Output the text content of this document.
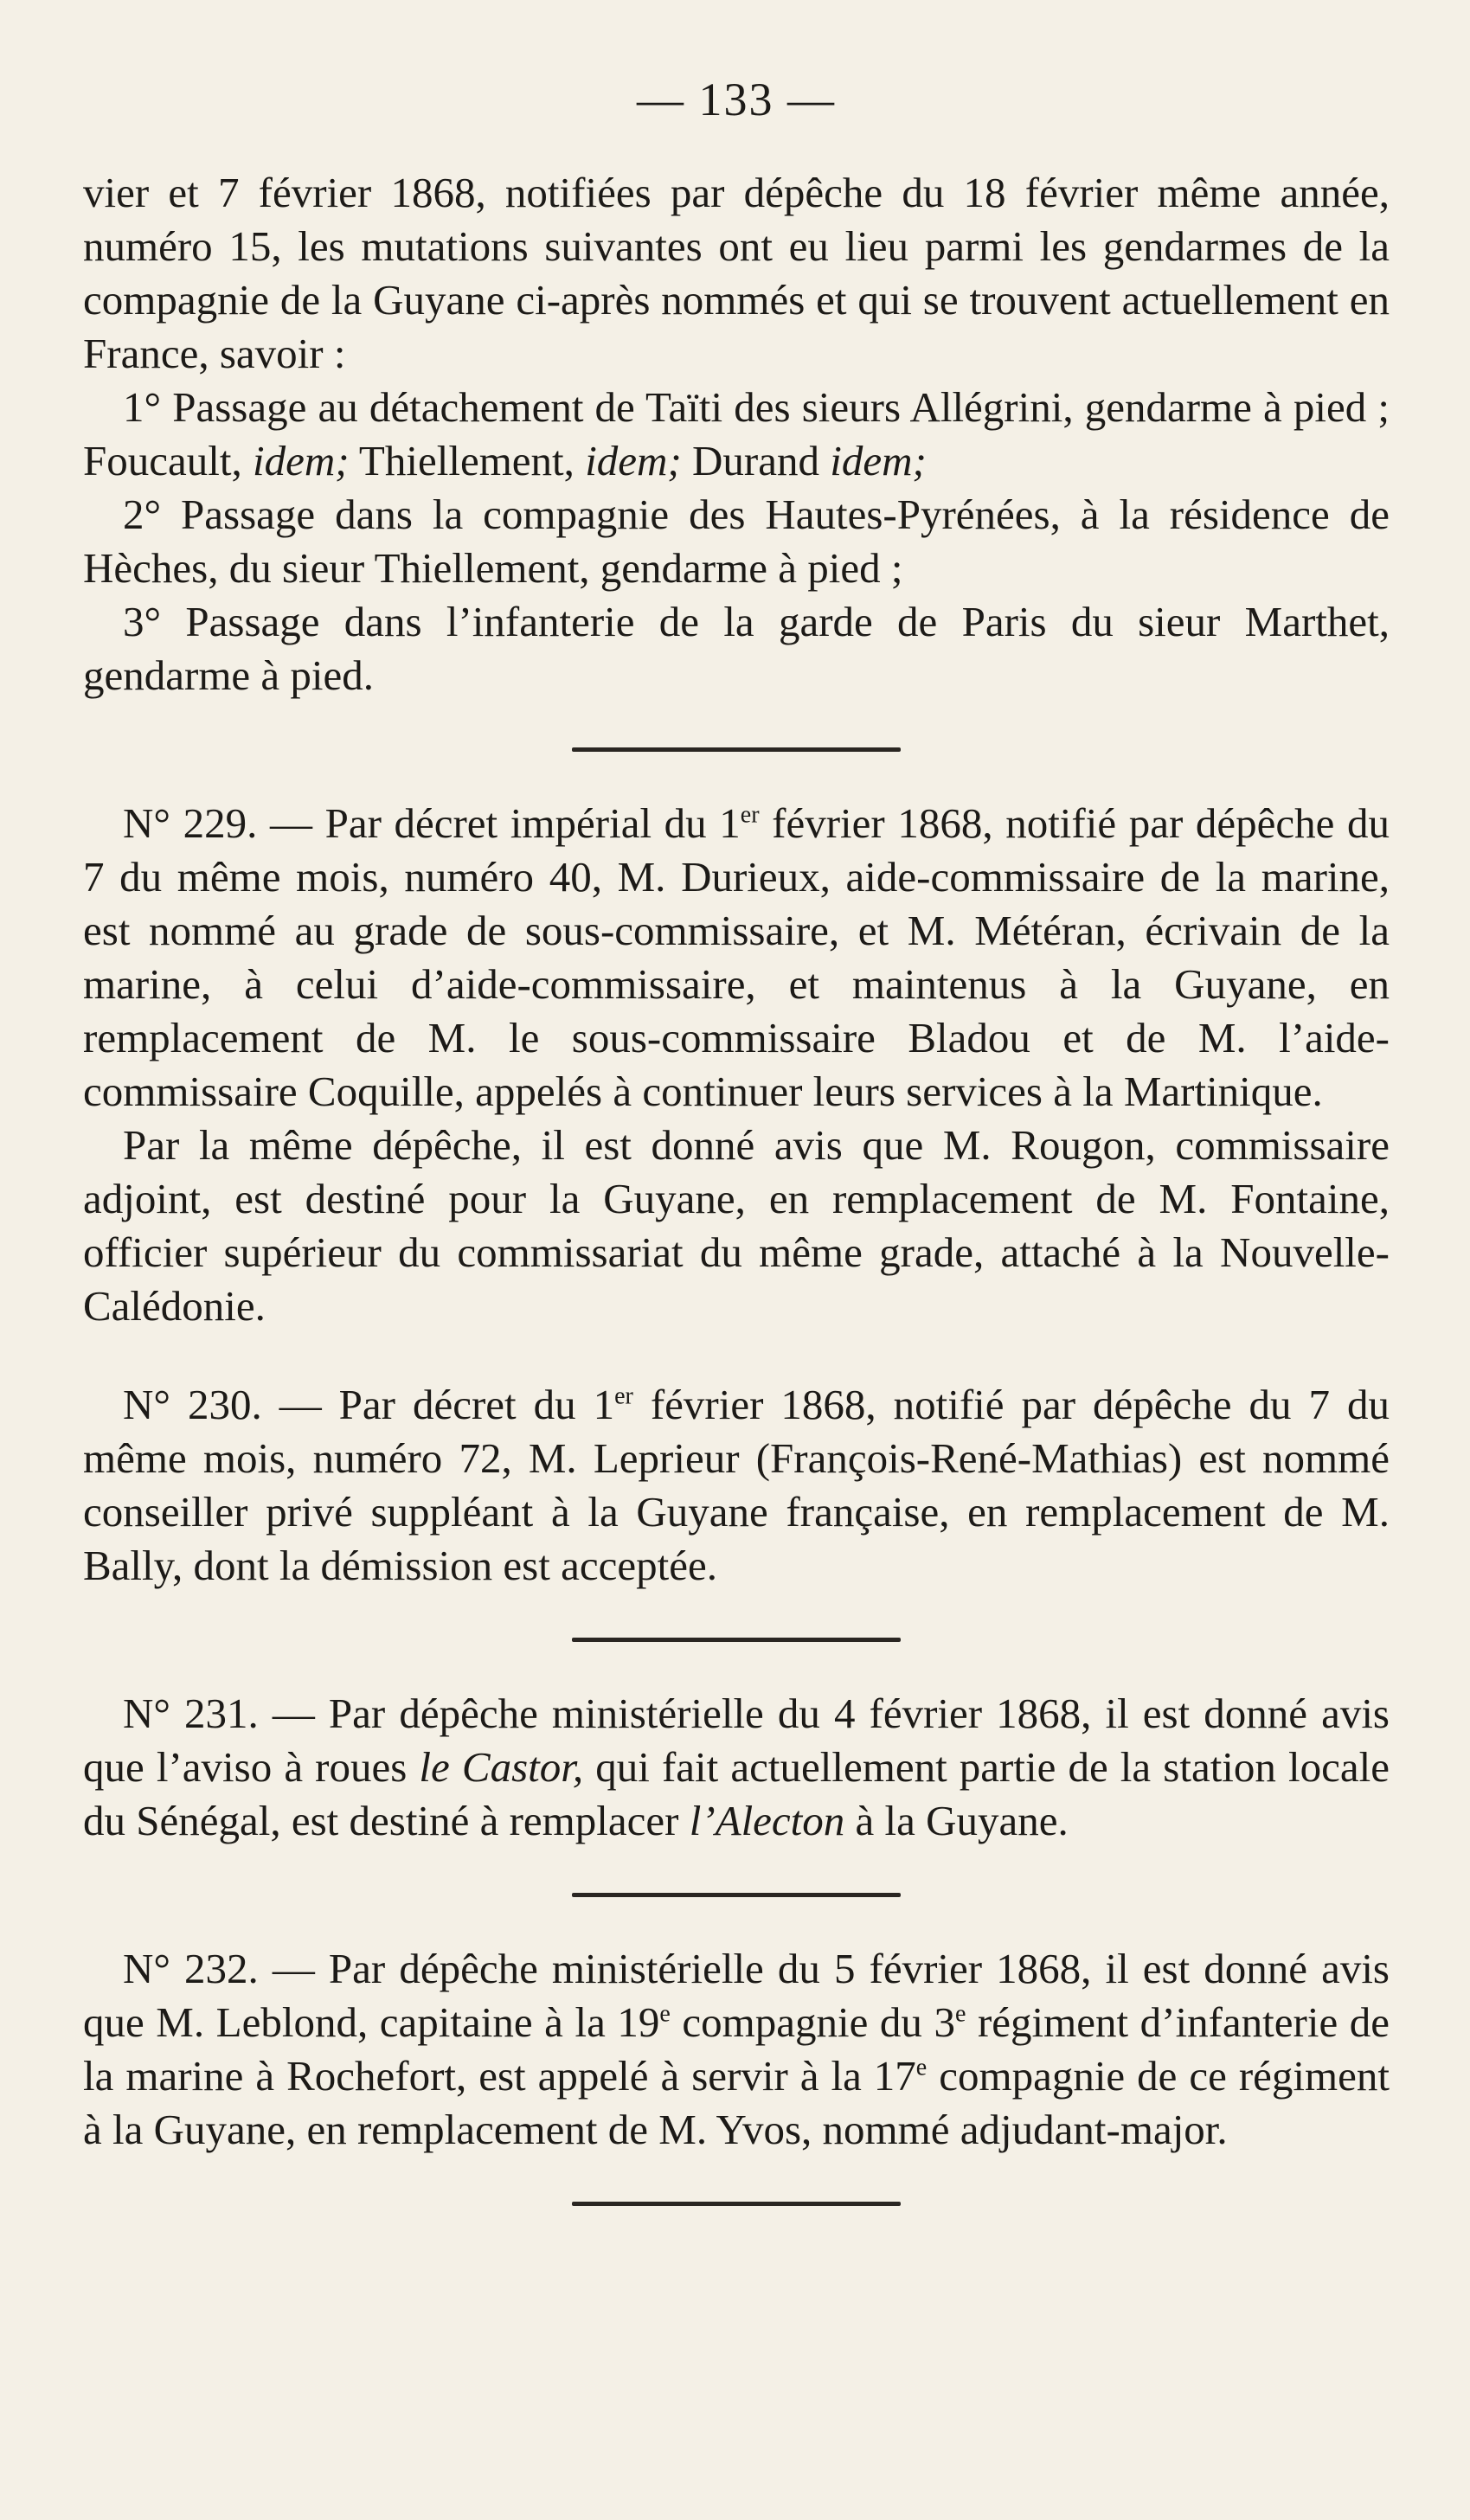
— 133 —

vier et 7 février 1868, notifiées par dépêche du 18 février même année, numéro 15, les mutations suivantes ont eu lieu parmi les gendarmes de la compagnie de la Guyane ci-après nommés et qui se trouvent actuellement en France, savoir :

1° Passage au détachement de Taïti des sieurs Allégrini, gendarme à pied ; Foucault, idem; Thiellement, idem; Durand idem;

2° Passage dans la compagnie des Hautes-Pyrénées, à la résidence de Hèches, du sieur Thiellement, gendarme à pied ;

3° Passage dans l’infanterie de la garde de Paris du sieur Marthet, gendarme à pied.

N° 229. — Par décret impérial du 1er février 1868, notifié par dépêche du 7 du même mois, numéro 40, M. Durieux, aide-commissaire de la marine, est nommé au grade de sous-commissaire, et M. Météran, écrivain de la marine, à celui d’aide-commissaire, et maintenus à la Guyane, en remplacement de M. le sous-commissaire Bladou et de M. l’aide-commissaire Coquille, appelés à continuer leurs services à la Martinique.

Par la même dépêche, il est donné avis que M. Rougon, commissaire adjoint, est destiné pour la Guyane, en remplacement de M. Fontaine, officier supérieur du commissariat du même grade, attaché à la Nouvelle-Calédonie.

N° 230. — Par décret du 1er février 1868, notifié par dépêche du 7 du même mois, numéro 72, M. Leprieur (François-René-Mathias) est nommé conseiller privé suppléant à la Guyane française, en remplacement de M. Bally, dont la démission est acceptée.

N° 231. — Par dépêche ministérielle du 4 février 1868, il est donné avis que l’aviso à roues le Castor, qui fait actuellement partie de la station locale du Sénégal, est destiné à remplacer l’Alecton à la Guyane.

N° 232. — Par dépêche ministérielle du 5 février 1868, il est donné avis que M. Leblond, capitaine à la 19e compagnie du 3e régiment d’infanterie de la marine à Rochefort, est appelé à servir à la 17e compagnie de ce régiment à la Guyane, en remplacement de M. Yvos, nommé adjudant-major.
